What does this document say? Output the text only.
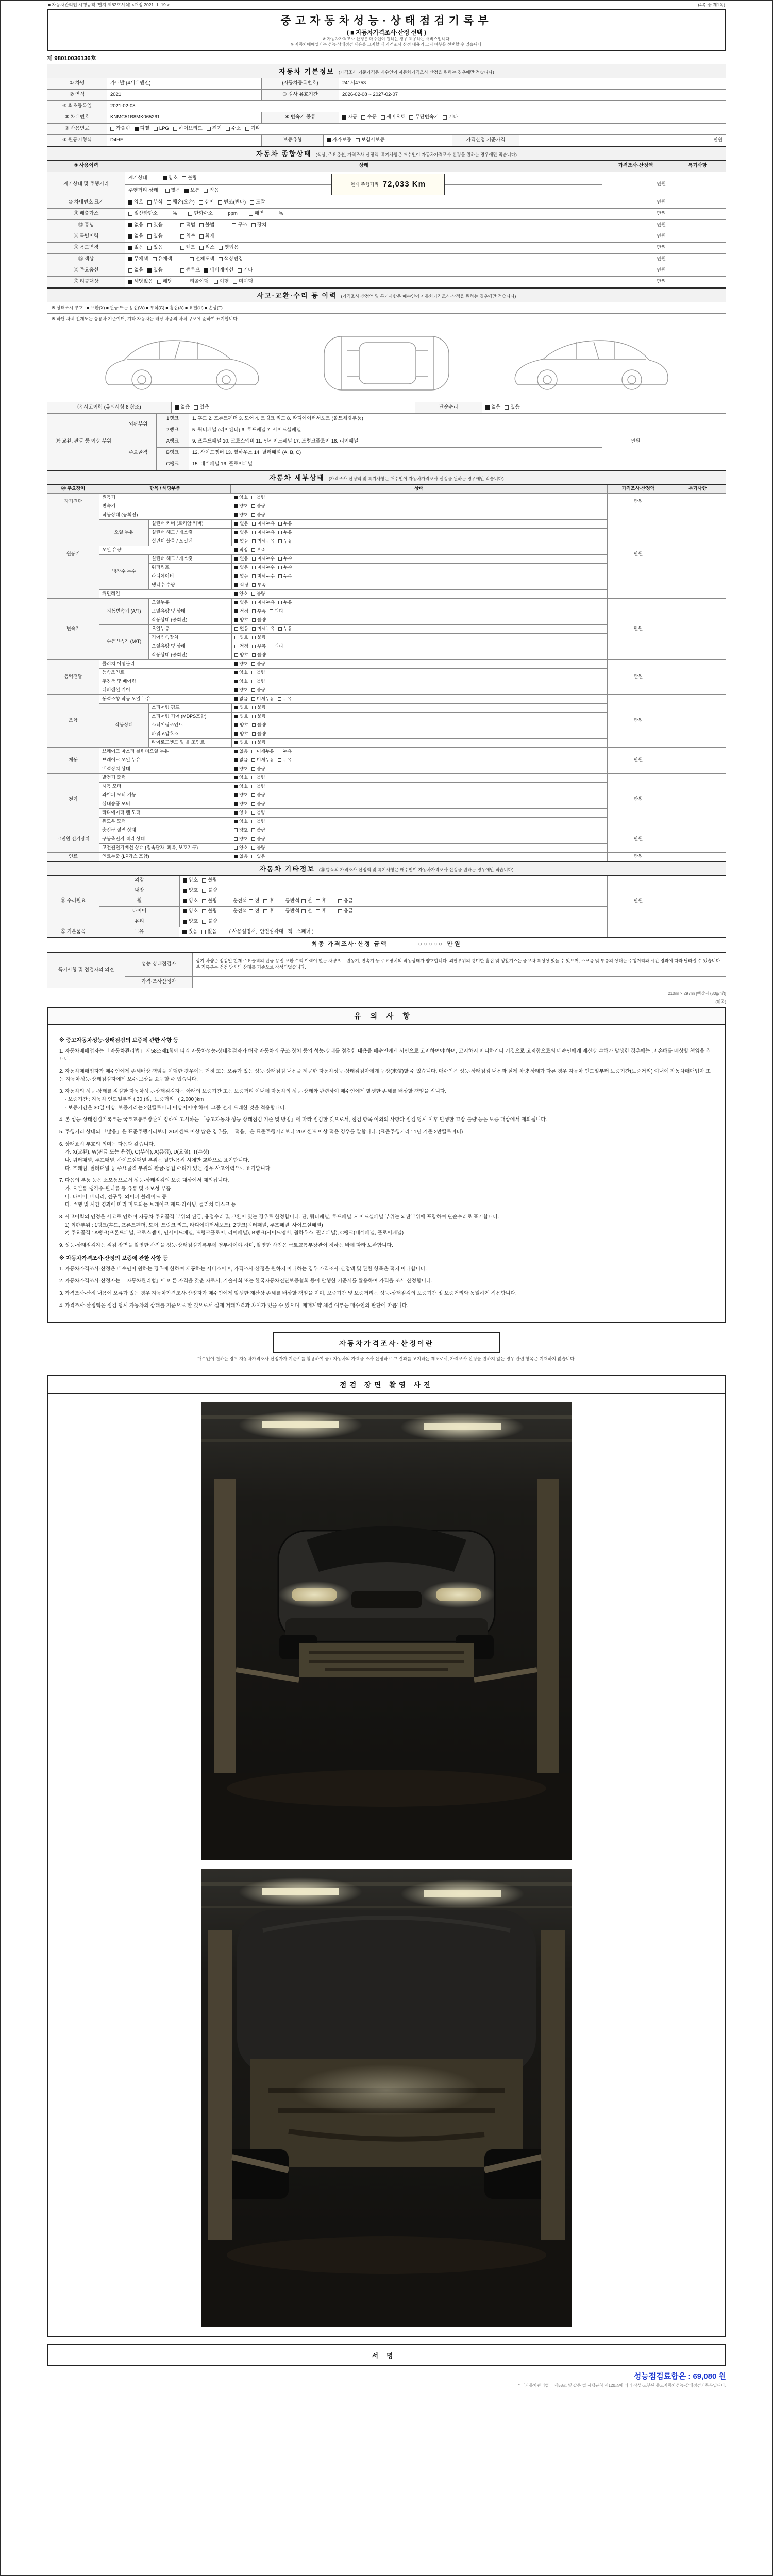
■ 자동차관리법 시행규칙 [별지 제82호서식] <개정 2021. 1. 19.>	(4쪽 중 제1쪽)
중고자동차성능·상태점검기록부
( ■ 자동차가격조사·산정 선택 )
※ 자동차가격조사·산정은 매수인이 원하는 경우 제공하는 서비스입니다.
※ 자동차매매업자는 성능·상태점검 내용을 고지할 때 가격조사·산정 내용의 고지 여부를 선택할 수 있습니다.
제 98010036136호
자동차 기본정보 (가격조사 기준가격은 매수인이 자동차가격조사·산정을 원하는 경우에만 적습니다)
① 차명	카니발 (4세대엔진)	(자동차등록번호)	241서4753
② 연식	2021	③ 검사 유효기간	2026-02-08 ~ 2027-02-07
④ 최초등록일	2021-02-08
⑤ 차대번호	KNMC51B8MK065261	⑥ 변속기 종류	자동 수동 세미오토 무단변속기 기타
⑦ 사용연료	가솔린 디젤 LPG 하이브리드 전기 수소 기타
⑧ 원동기형식	D4HE	보증유형	자가보증 보험사보증	가격산정 기준가격	만원
자동차 종합상태 (색상, 주요옵션, 가격조사·산정액, 특기사항은 매수인이 자동차가격조사·산정을 원하는 경우에만 적습니다)
⑨ 사용이력	상태	가격조사·산정액	특기사항
계기상태 및 주행거리
계기상태	양호 불량
주행거리 상태	많음 보통 적음
현재 주행거리 72,033 Km	만원
⑩ 차대번호 표기	양호 부식 훼손(오손) 상이 변조(변타) 도말	만원
⑪ 배출가스	일산화탄소 %	탄화수소 ppm	매연 %	만원
⑫ 튜닝	없음 있음	적법 불법	구조 장치	만원
⑬ 특별이력	없음 있음	침수 화재	만원
⑭ 용도변경	없음 있음	렌트 리스 영업용	만원
⑮ 색상	무채색 유채색	전체도색 색상변경	만원
⑯ 주요옵션	없음 있음	썬루프 네비게이션 기타	만원
⑰ 리콜대상	해당없음 해당	리콜이행 이행 미이행	만원
사고·교환·수리 등 이력 (가격조사·산정액 및 특기사항은 매수인이 자동차가격조사·산정을 원하는 경우에만 적습니다)
※ 상태표시 부호 : ■ 교환(X) ■ 판금 또는 용접(W) ■ 부식(C) ■ 흠집(A) ■ 요철(U) ■ 손상(T)
※ 하단 차체 전개도는 승용차 기준이며, 기타 자동차는 해당 차종의 차체 구조에 준하여 표기합니다.
⑱ 사고이력 (유의사항 8 참조)	없음 있음	단순수리	없음 있음
⑲ 교환, 판금 등 이상 부위
외판부위
1랭크	1. 후드 2. 프론트펜더 3. 도어 4. 트렁크 리드 8. 라디에이터서포트 (볼트체결부품)
2랭크	5. 쿼터패널 (리어펜더) 6. 루프패널 7. 사이드실패널
주요골격
A랭크	9. 프론트패널 10. 크로스멤버 11. 인사이드패널 17. 트렁크플로어 18. 리어패널
B랭크	12. 사이드멤버 13. 휠하우스 14. 필러패널 (A, B, C)
C랭크	15. 대쉬패널 16. 플로어패널
만원
자동차 세부상태 (가격조사·산정액 및 특기사항은 매수인이 자동차가격조사·산정을 원하는 경우에만 적습니다)
⑳ 주요장치	항목 / 해당부품	상태	가격조사·산정액	특기사항
자기진단
원동기	양호 불량
변속기	양호 불량
만원
원동기
작동상태 (공회전)	양호 불량
오일 누유
실린더 커버 (로커암 커버)	없음 미세누유 누유
실린더 헤드 / 개스킷	없음 미세누유 누유
실린더 블록 / 오일팬	없음 미세누유 누유
오일 유량	적정 부족
냉각수 누수
실린더 헤드 / 개스킷	없음 미세누수 누수
워터펌프	없음 미세누수 누수
라디에이터	없음 미세누수 누수
냉각수 수량	적정 부족
커먼레일	양호 불량
만원
변속기
자동변속기 (A/T)
오일누유	없음 미세누유 누유
오일유량 및 상태	적정 부족 과다
작동상태 (공회전)	양호 불량
수동변속기 (M/T)
오일누유	없음 미세누유 누유
기어변속장치	양호 불량
오일유량 및 상태	적정 부족 과다
작동상태 (공회전)	양호 불량
만원
동력전달
클러치 어셈블리	양호 불량
등속조인트	양호 불량
추진축 및 베어링	양호 불량
디퍼렌셜 기어	양호 불량
만원
조향
동력조향 작동 오일 누유	없음 미세누유 누유
작동상태
스티어링 펌프	양호 불량
스티어링 기어 (MDPS포함)	양호 불량
스티어링조인트	양호 불량
파워고압호스	양호 불량
타이로드엔드 및 볼 조인트	양호 불량
만원
제동
브레이크 마스터 실린더오일 누유	없음 미세누유 누유
브레이크 오일 누유	없음 미세누유 누유
배력장치 상태	양호 불량
만원
전기
발전기 출력	양호 불량
시동 모터	양호 불량
와이퍼 모터 기능	양호 불량
실내송풍 모터	양호 불량
라디에이터 팬 모터	양호 불량
윈도우 모터	양호 불량
만원
고전원 전기장치
충전구 절연 상태	양호 불량
구동축전지 격리 상태	양호 불량
고전원전기배선 상태 (접속단자, 피복, 보호기구)	양호 불량
만원
연료	연료누출 (LP가스 포함)	없음 있음	만원
자동차 기타정보 (㉑ 항목의 가격조사·산정액 및 특기사항은 매수인이 자동차가격조사·산정을 원하는 경우에만 적습니다)
㉑ 수리필요
외장	양호 불량
내장	양호 불량
휠	양호 불량	운전석 전 후 동반석 전 후	응급
타이어	양호 불량	운전석 전 후 동반석 전 후	응급
유리	양호 불량
만원
㉒ 기본품목	보유	있음 없음	( 사용설명서,  안전삼각대,  잭,  스패너 )
최종 가격조사·산정 금액	○○○○○ 만원
특기사항 및 점검자의 의견
성능·상태점검자
상기 차량은 점검일 현재 주요골격의 판금·용접·교환 수리 이력이 없는 차량으로 원동기, 변속기 등 주요장치의 작동상태가 양호합니다. 외판부위의 경미한 흠집 및 생활기스는 중고차 특성상 있을 수 있으며, 소모품 및 부품의 상태는 주행거리와 시간 경과에 따라 달라질 수 있습니다. 본 기록부는 점검 당시의 상태를 기준으로 작성되었습니다.
가격·조사산정자
210㎜ × 297㎜ [백상지 (80g/㎡)]
(뒤쪽)
유의사항
※ 중고자동차성능·상태점검의 보증에 관한 사항 등
1. 자동차매매업자는 「자동차관리법」 제58조제1항에 따라 자동차성능·상태점검자가 해당 자동차의 구조·장치 등의 성능·상태를 점검한 내용을 매수인에게 서면으로 고지하여야 하며, 고지하지 아니하거나 거짓으로 고지함으로써 매수인에게 재산상 손해가 발생한 경우에는 그 손해를 배상할 책임을 집니다.
2. 자동차매매업자가 매수인에게 손해배상 책임을 이행한 경우에는 거짓 또는 오류가 있는 성능·상태점검 내용을 제공한 자동차성능·상태점검자에게 구상(求償)할 수 있습니다. 매수인은 성능·상태점검 내용과 실제 차량 상태가 다른 경우 자동차 인도일부터 보증기간(보증거리) 이내에 자동차매매업자 또는 자동차성능·상태점검자에게 보수·보상을 요구할 수 있습니다.
3. 자동차의 성능·상태를 점검한 자동차성능·상태점검자는 아래의 보증기간 또는 보증거리 이내에 자동차의 성능·상태와 관련하여 매수인에게 발생한 손해를 배상할 책임을 집니다.
- 보증기간 : 자동차 인도일부터 ( 30 )일,  보증거리 : ( 2,000 )km
- 보증기간은 30일 이상, 보증거리는 2천킬로미터 이상이어야 하며, 그중 먼저 도래한 것을 적용합니다.
4. 본 성능·상태점검기록부는 국토교통부장관이 정하여 고시하는 「중고자동차 성능·상태점검 기준 및 방법」에 따라 점검한 것으로서, 점검 항목 이외의 사항과 점검 당시 이후 발생한 고장·불량 등은 보증 대상에서 제외됩니다.
5. 주행거리 상태의 「많음」은 표준주행거리보다 20퍼센트 이상 많은 경우를, 「적음」은 표준주행거리보다 20퍼센트 이상 적은 경우를 말합니다. (표준주행거리 : 1년 기준 2만킬로미터)
6. 상태표시 부호의 의미는 다음과 같습니다.
가. X(교환), W(판금 또는 용접), C(부식), A(흠집), U(요철), T(손상)
나. 쿼터패널, 루프패널, 사이드실패널 부위는 절단·용접 시에만 교환으로 표기합니다.
다. 프레임, 필러패널 등 주요골격 부위의 판금·용접 수리가 있는 경우 사고이력으로 표기합니다.
7. 다음의 부품 등은 소모품으로서 성능·상태점검의 보증 대상에서 제외됩니다.
가. 오일류·냉각수·필터류 등 유류 및 소모성 부품
나. 타이어, 배터리, 전구류, 와이퍼 블레이드 등
다. 주행 및 시간 경과에 따라 마모되는 브레이크 패드·라이닝, 클러치 디스크 등
8. 사고이력의 인정은 사고로 인하여 자동차 주요골격 부위의 판금, 용접수리 및 교환이 있는 경우로 한정합니다. 단, 쿼터패널, 루프패널, 사이드실패널 부위는 외판부위에 포함하여 단순수리로 표기합니다.
1) 외판부위 : 1랭크(후드, 프론트펜더, 도어, 트렁크 리드, 라디에이터서포트), 2랭크(쿼터패널, 루프패널, 사이드실패널)
2) 주요골격 : A랭크(프론트패널, 크로스멤버, 인사이드패널, 트렁크플로어, 리어패널), B랭크(사이드멤버, 휠하우스, 필러패널), C랭크(대쉬패널, 플로어패널)
9. 성능·상태점검자는 점검 장면을 촬영한 사진을 성능·상태점검기록부에 첨부하여야 하며, 촬영한 사진은 국토교통부장관이 정하는 바에 따라 보관합니다.
※ 자동차가격조사·산정의 보증에 관한 사항 등
1. 자동차가격조사·산정은 매수인이 원하는 경우에 한하여 제공하는 서비스이며, 가격조사·산정을 원하지 아니하는 경우 가격조사·산정액 및 관련 항목은 적지 아니합니다.
2. 자동차가격조사·산정자는 「자동차관리법」에 따른 자격을 갖춘 자로서, 기술사회 또는 한국자동차진단보증협회 등이 발행한 기준서를 활용하여 가격을 조사·산정합니다.
3. 가격조사·산정 내용에 오류가 있는 경우 자동차가격조사·산정자가 매수인에게 발생한 재산상 손해를 배상할 책임을 지며, 보증기간 및 보증거리는 성능·상태점검의 보증기간 및 보증거리와 동일하게 적용합니다.
4. 가격조사·산정액은 점검 당시 자동차의 상태를 기준으로 한 것으로서 실제 거래가격과 차이가 있을 수 있으며, 매매계약 체결 여부는 매수인의 판단에 따릅니다.
자동차가격조사·산정이란
매수인이 원하는 경우 자동차가격조사·산정자가 기준서를 활용하여 중고자동차의 가격을 조사·산정하고 그 결과를 고지하는 제도로서, 가격조사·산정을 원하지 않는 경우 관련 항목은 기재하지 않습니다.
점검 장면 촬영 사진
서명
성능점검료합은 : 69,080 원
* 「자동차관리법」 제58조 및 같은 법 시행규칙 제120조에 따라 작성·교부된 중고자동차성능·상태점검기록부입니다.
